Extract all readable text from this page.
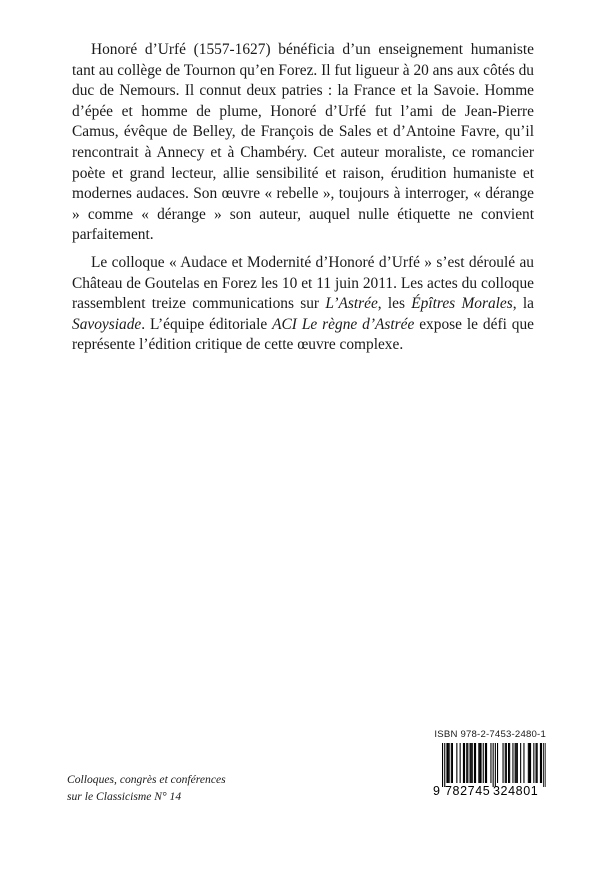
Honoré d’Urfé (1557-1627) bénéficia d’un enseignement humaniste tant au collège de Tournon qu’en Forez. Il fut ligueur à 20 ans aux côtés du duc de Nemours. Il connut deux patries : la France et la Savoie. Homme d’épée et homme de plume, Honoré d’Urfé fut l’ami de Jean-Pierre Camus, évêque de Belley, de François de Sales et d’Antoine Favre, qu’il rencontrait à Annecy et à Chambéry. Cet auteur moraliste, ce romancier poète et grand lecteur, allie sensibilité et raison, érudition humaniste et modernes audaces. Son œuvre « rebelle », toujours à interroger, « dérange » comme « dérange » son auteur, auquel nulle étiquette ne convient parfaitement.

Le colloque « Audace et Modernité d’Honoré d’Urfé » s’est déroulé au Château de Goutelas en Forez les 10 et 11 juin 2011. Les actes du colloque rassemblent treize communications sur L’Astrée, les Épîtres Morales, la Savoysiade. L’équipe éditoriale ACI Le règne d’Astrée expose le défi que représente l’édition critique de cette œuvre complexe.

Colloques, congrès et conférences
sur le Classicisme N° 14
ISBN 978-2-7453-2480-1
9 782745 324801
